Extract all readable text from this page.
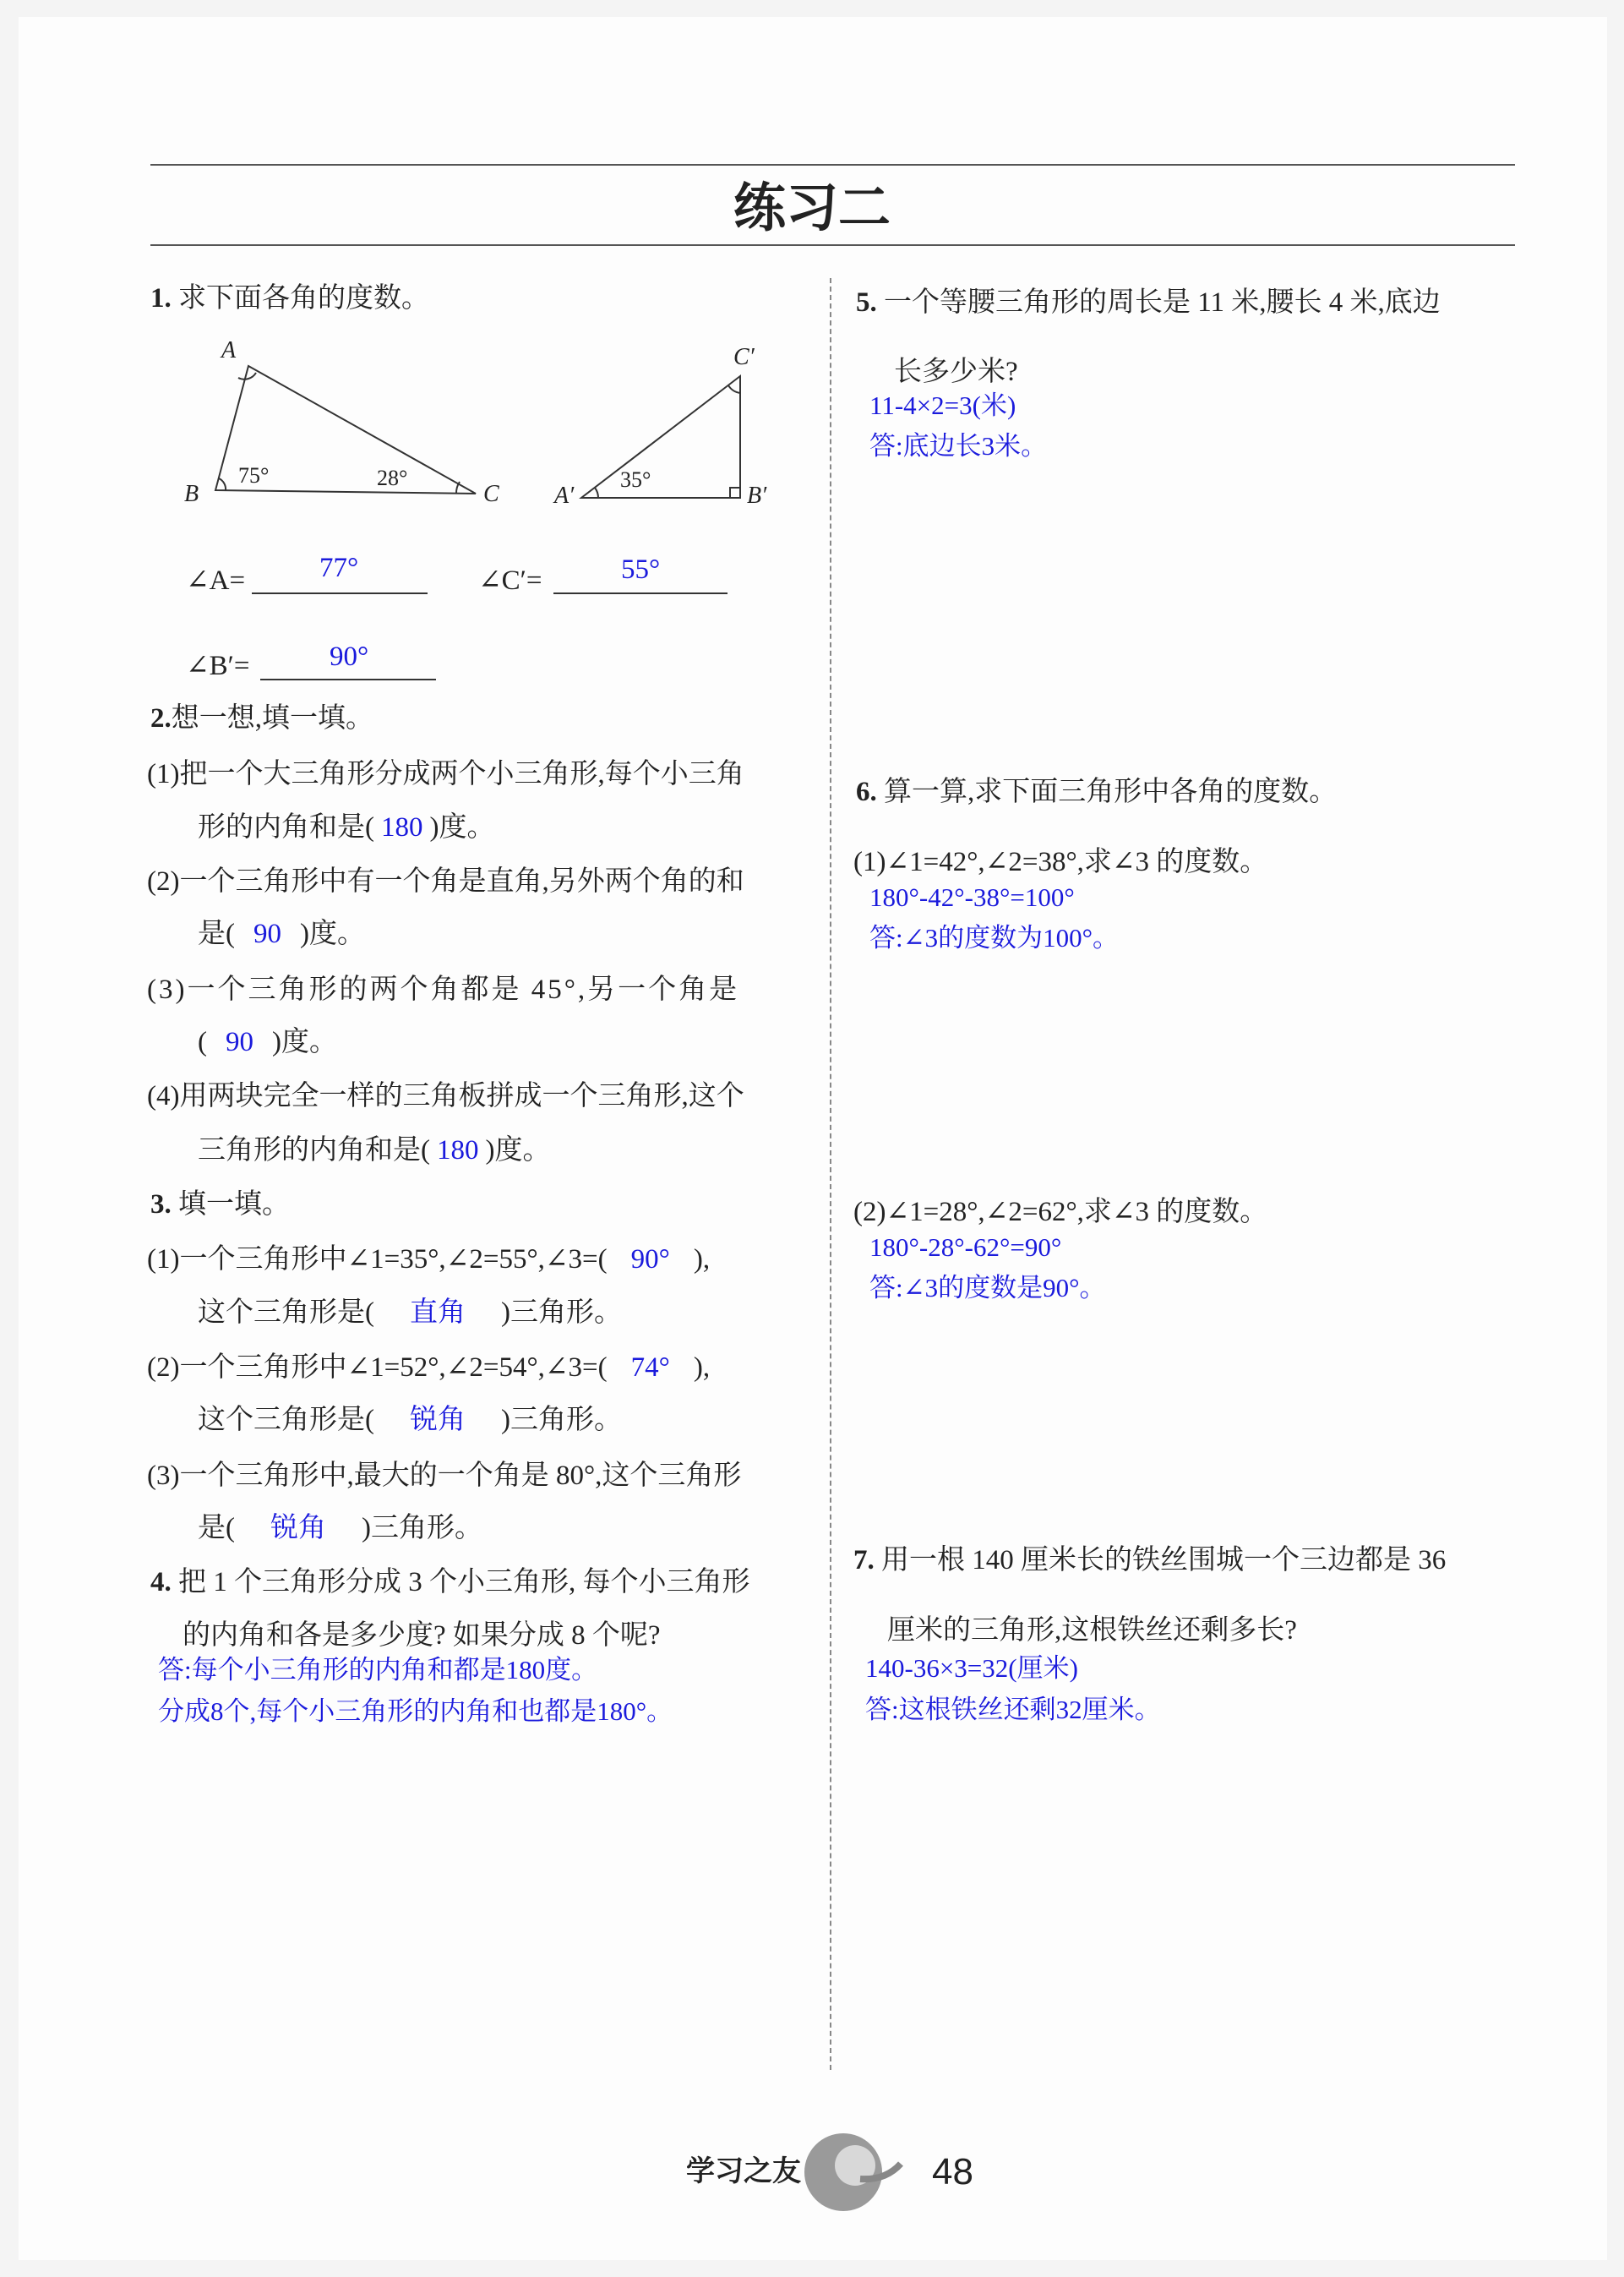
练习二
1. 求下面各角的度数。
A
B	C
75°	28°
A′	B′
C′
35°
∠A=	77°	∠C′=	55°
∠B′=	90°
2.想一想,填一填。
(1)把一个大三角形分成两个小三角形,每个小三角
形的内角和是( 180 )度。
(2)一个三角形中有一个角是直角,另外两个角的和
是( 90 )度。
(3)一个三角形的两个角都是 45°,另一个角是
( 90 )度。
(4)用两块完全一样的三角板拼成一个三角形,这个
三角形的内角和是( 180 )度。
3. 填一填。
(1)一个三角形中∠1=35°,∠2=55°,∠3=( 90° ),
这个三角形是( 直角 )三角形。
(2)一个三角形中∠1=52°,∠2=54°,∠3=( 74° ),
这个三角形是( 锐角 )三角形。
(3)一个三角形中,最大的一个角是 80°,这个三角形
是( 锐角 )三角形。
4. 把 1 个三角形分成 3 个小三角形, 每个小三角形
的内角和各是多少度? 如果分成 8 个呢?
答:每个小三角形的内角和都是180度。
分成8个,每个小三角形的内角和也都是180°。
5. 一个等腰三角形的周长是 11 米,腰长 4 米,底边
长多少米?
11-4×2=3(米)
答:底边长3米。
6. 算一算,求下面三角形中各角的度数。
(1)∠1=42°,∠2=38°,求∠3 的度数。
180°-42°-38°=100°
答:∠3的度数为100°。
(2)∠1=28°,∠2=62°,求∠3 的度数。
180°-28°-62°=90°
答:∠3的度数是90°。
7. 用一根 140 厘米长的铁丝围城一个三边都是 36
厘米的三角形,这根铁丝还剩多长?
140-36×3=32(厘米)
答:这根铁丝还剩32厘米。
学习之友	48
